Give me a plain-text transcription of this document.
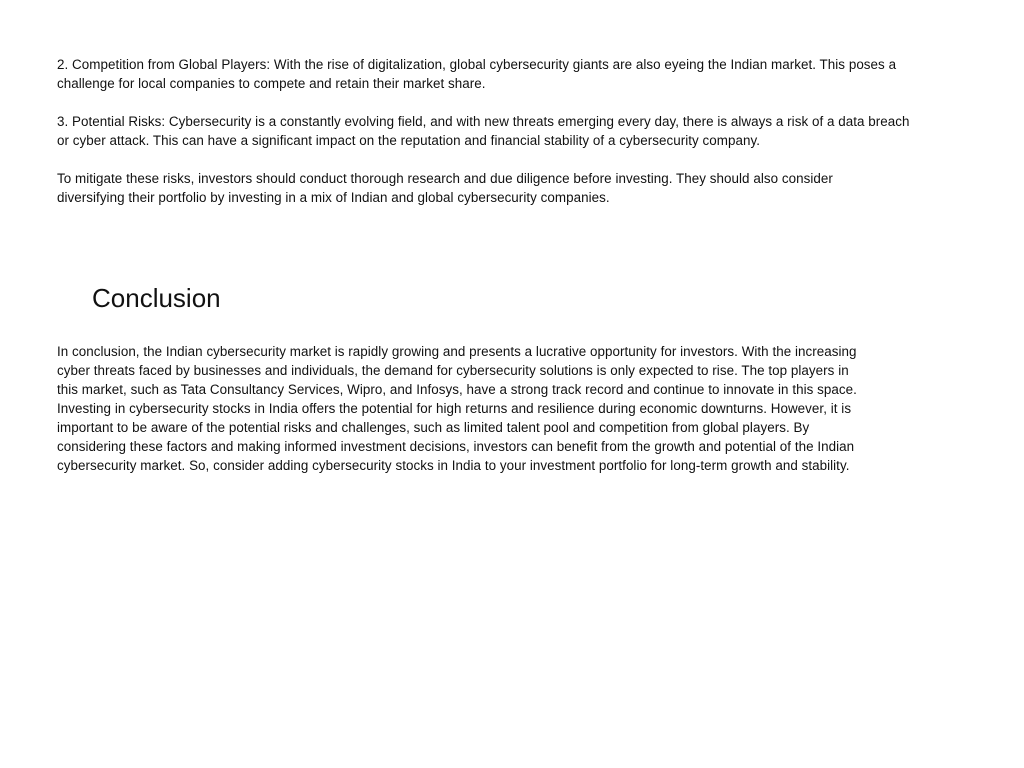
2. Competition from Global Players: With the rise of digitalization, global cybersecurity giants are also eyeing the Indian market. This poses a
challenge for local companies to compete and retain their market share.

3. Potential Risks: Cybersecurity is a constantly evolving field, and with new threats emerging every day, there is always a risk of a data breach
or cyber attack. This can have a significant impact on the reputation and financial stability of a cybersecurity company.

To mitigate these risks, investors should conduct thorough research and due diligence before investing. They should also consider
diversifying their portfolio by investing in a mix of Indian and global cybersecurity companies.

Conclusion

In conclusion, the Indian cybersecurity market is rapidly growing and presents a lucrative opportunity for investors. With the increasing
cyber threats faced by businesses and individuals, the demand for cybersecurity solutions is only expected to rise. The top players in
this market, such as Tata Consultancy Services, Wipro, and Infosys, have a strong track record and continue to innovate in this space.
Investing in cybersecurity stocks in India offers the potential for high returns and resilience during economic downturns. However, it is
important to be aware of the potential risks and challenges, such as limited talent pool and competition from global players. By
considering these factors and making informed investment decisions, investors can benefit from the growth and potential of the Indian
cybersecurity market. So, consider adding cybersecurity stocks in India to your investment portfolio for long-term growth and stability.
